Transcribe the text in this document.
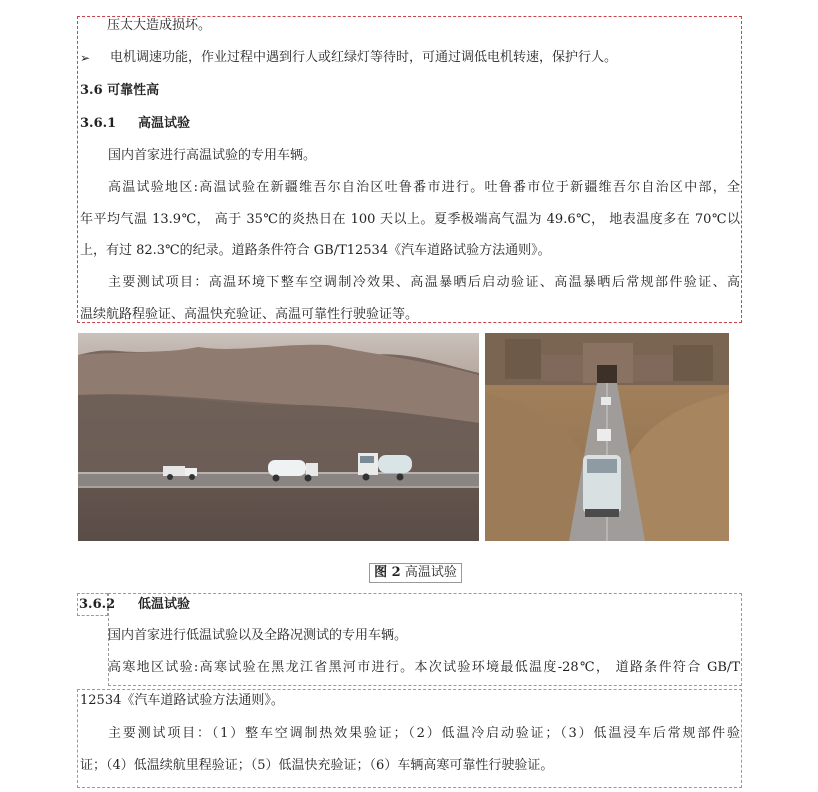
压太大造成损坏。
➢ 电机调速功能，作业过程中遇到行人或红绿灯等待时，可通过调低电机转速，保护行人。
3.6 可靠性高
3.6.1 高温试验
国内首家进行高温试验的专用车辆。
高温试验地区:高温试验在新疆维吾尔自治区吐鲁番市进行。吐鲁番市位于新疆维吾尔自治区中部，全
年平均气温 13.9℃， 高于 35℃的炎热日在 100 天以上。夏季极端高气温为 49.6℃， 地表温度多在 70℃以
上，有过 82.3℃的纪录。道路条件符合 GB/T12534《汽车道路试验方法通则》。
主要测试项目：高温环境下整车空调制冷效果、高温暴晒后启动验证、高温暴晒后常规部件验证、高
温续航路程验证、高温快充验证、高温可靠性行驶验证等。
图 2 高温试验
3.6.2 低温试验
国内首家进行低温试验以及全路况测试的专用车辆。
高寒地区试验:高寒试验在黑龙江省黑河市进行。本次试验环境最低温度-28℃， 道路条件符合 GB/T
12534《汽车道路试验方法通则》。
主要测试项目：（1）整车空调制热效果验证；（2）低温冷启动验证；（3）低温浸车后常规部件验
证；（4）低温续航里程验证；（5）低温快充验证；（6）车辆高寒可靠性行驶验证。
